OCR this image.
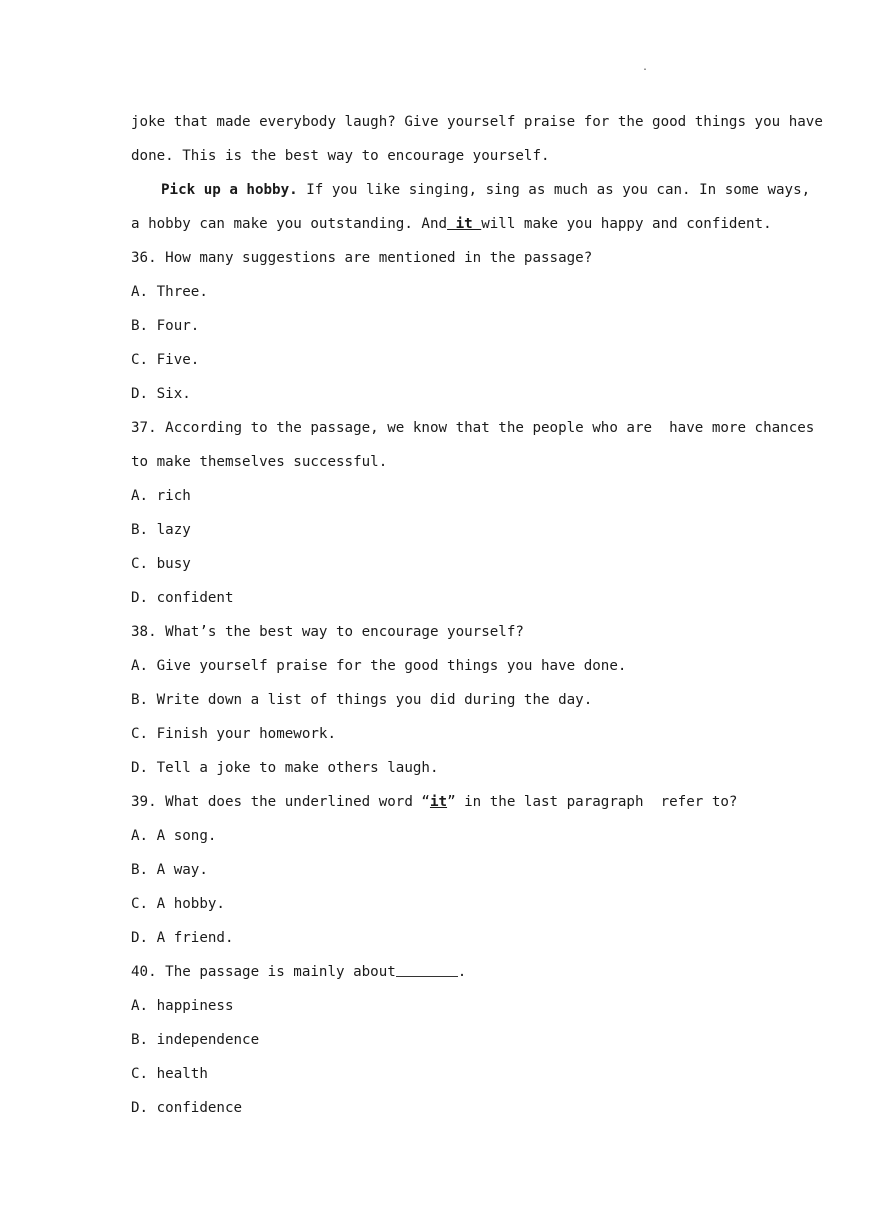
.
joke that made everybody laugh? Give yourself praise for the good things you have
done. This is the best way to encourage yourself.
Pick up a hobby. If you like singing, sing as much as you can. In some ways,
a hobby can make you outstanding. And it will make you happy and confident.
36. How many suggestions are mentioned in the passage?
A. Three.
B. Four.
C. Five.
D. Six.
37. According to the passage, we know that the people who are  have more chances
to make themselves successful.
A. rich
B. lazy
C. busy
D. confident
38. What’s the best way to encourage yourself?
A. Give yourself praise for the good things you have done.
B. Write down a list of things you did during the day.
C. Finish your homework.
D. Tell a joke to make others laugh.
39. What does the underlined word “it” in the last paragraph  refer to?
A. A song.
B. A way.
C. A hobby.
D. A friend.
40. The passage is mainly about	.
A. happiness
B. independence
C. health
D. confidence
